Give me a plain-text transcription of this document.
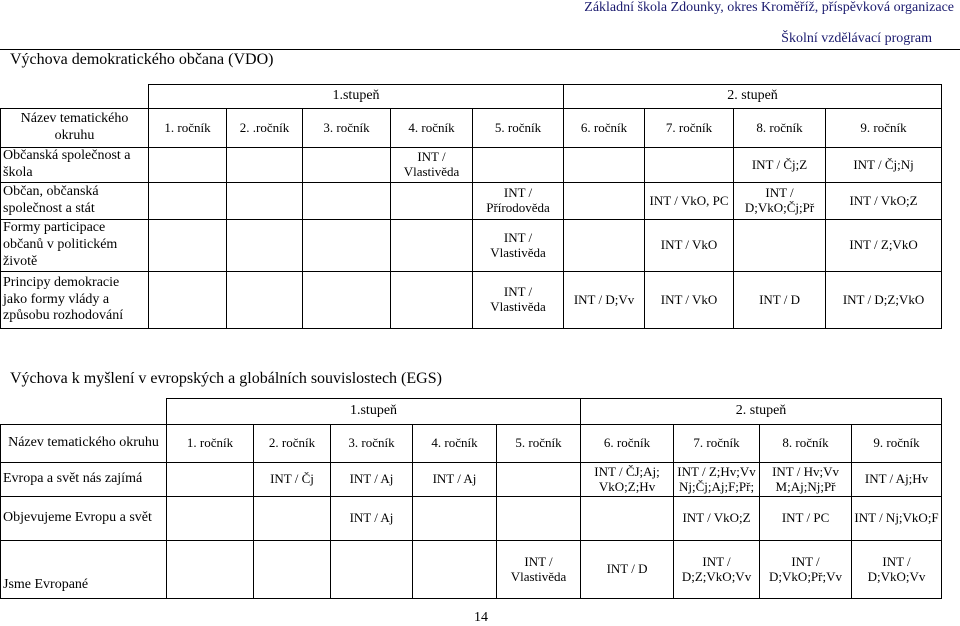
Základní škola Zdounky, okres Kroměříž, příspěvková organizace
Školní vzdělávací program
Výchova demokratického občana (VDO)
	1.stupeň					2. stupeň			
Název tematického okruhu	1. ročník	2. .ročník	3. ročník	4. ročník	5. ročník	6. ročník	7. ročník	8. ročník	9. ročník
Občanská společnost a škola				INT / Vlastivěda				INT / Čj;Z	INT / Čj;Nj
Občan, občanská společnost a stát					INT / Přírodověda		INT / VkO, PC	INT / D;VkO;Čj;Př	INT / VkO;Z
Formy participace občanů v politickém životě					INT / Vlastivěda		INT / VkO		INT / Z;VkO
Principy demokracie jako formy vlády a způsobu rozhodování					INT / Vlastivěda	INT / D;Vv	INT / VkO	INT / D	INT / D;Z;VkO
Výchova k myšlení v evropských a globálních souvislostech (EGS)
	1.stupeň					2. stupeň			
Název tematického okruhu	1. ročník	2. ročník	3. ročník	4. ročník	5. ročník	6. ročník	7. ročník	8. ročník	9. ročník
Evropa a svět nás zajímá		INT / Čj	INT / Aj	INT / Aj		INT / ČJ;Aj; VkO;Z;Hv	INT / Z;Hv;Vv Nj;Čj;Aj;F;Př;	INT / Hv;Vv M;Aj;Nj;Př	INT / Aj;Hv
Objevujeme Evropu a svět			INT / Aj				INT / VkO;Z	INT / PC	INT / Nj;VkO;F
Jsme Evropané					INT / Vlastivěda	INT / D	INT / D;Z;VkO;Vv	INT / D;VkO;Př;Vv	INT / D;VkO;Vv
14
